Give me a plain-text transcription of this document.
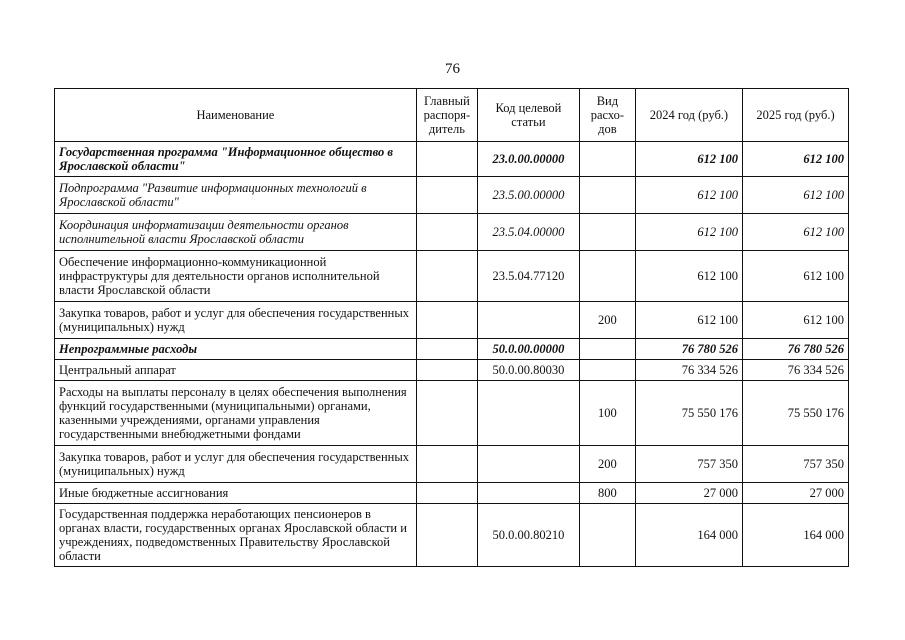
76
Наименование	Главный распоря-дитель	Код целевой статьи	Вид расхо-дов	2024 год (руб.)	2025 год (руб.)
Государственная программа "Информационное общество в Ярославской области"		23.0.00.00000		612 100	612 100
Подпрограмма "Развитие информационных технологий в Ярославской области"		23.5.00.00000		612 100	612 100
Координация информатизации деятельности органов исполнительной власти Ярославской области		23.5.04.00000		612 100	612 100
Обеспечение информационно-коммуникационной инфраструктуры для деятельности органов исполнительной власти Ярославской области		23.5.04.77120		612 100	612 100
Закупка товаров, работ и услуг для обеспечения государственных (муниципальных) нужд			200	612 100	612 100
Непрограммные расходы		50.0.00.00000		76 780 526	76 780 526
Центральный аппарат		50.0.00.80030		76 334 526	76 334 526
Расходы на выплаты персоналу в целях обеспечения выполнения функций государственными (муниципальными) органами, казенными учреждениями, органами управления государственными внебюджетными фондами			100	75 550 176	75 550 176
Закупка товаров, работ и услуг для обеспечения государственных (муниципальных) нужд			200	757 350	757 350
Иные бюджетные ассигнования			800	27 000	27 000
Государственная поддержка неработающих пенсионеров в органах власти, государственных органах Ярославской области и учреждениях, подведомственных Правительству Ярославской области		50.0.00.80210		164 000	164 000
